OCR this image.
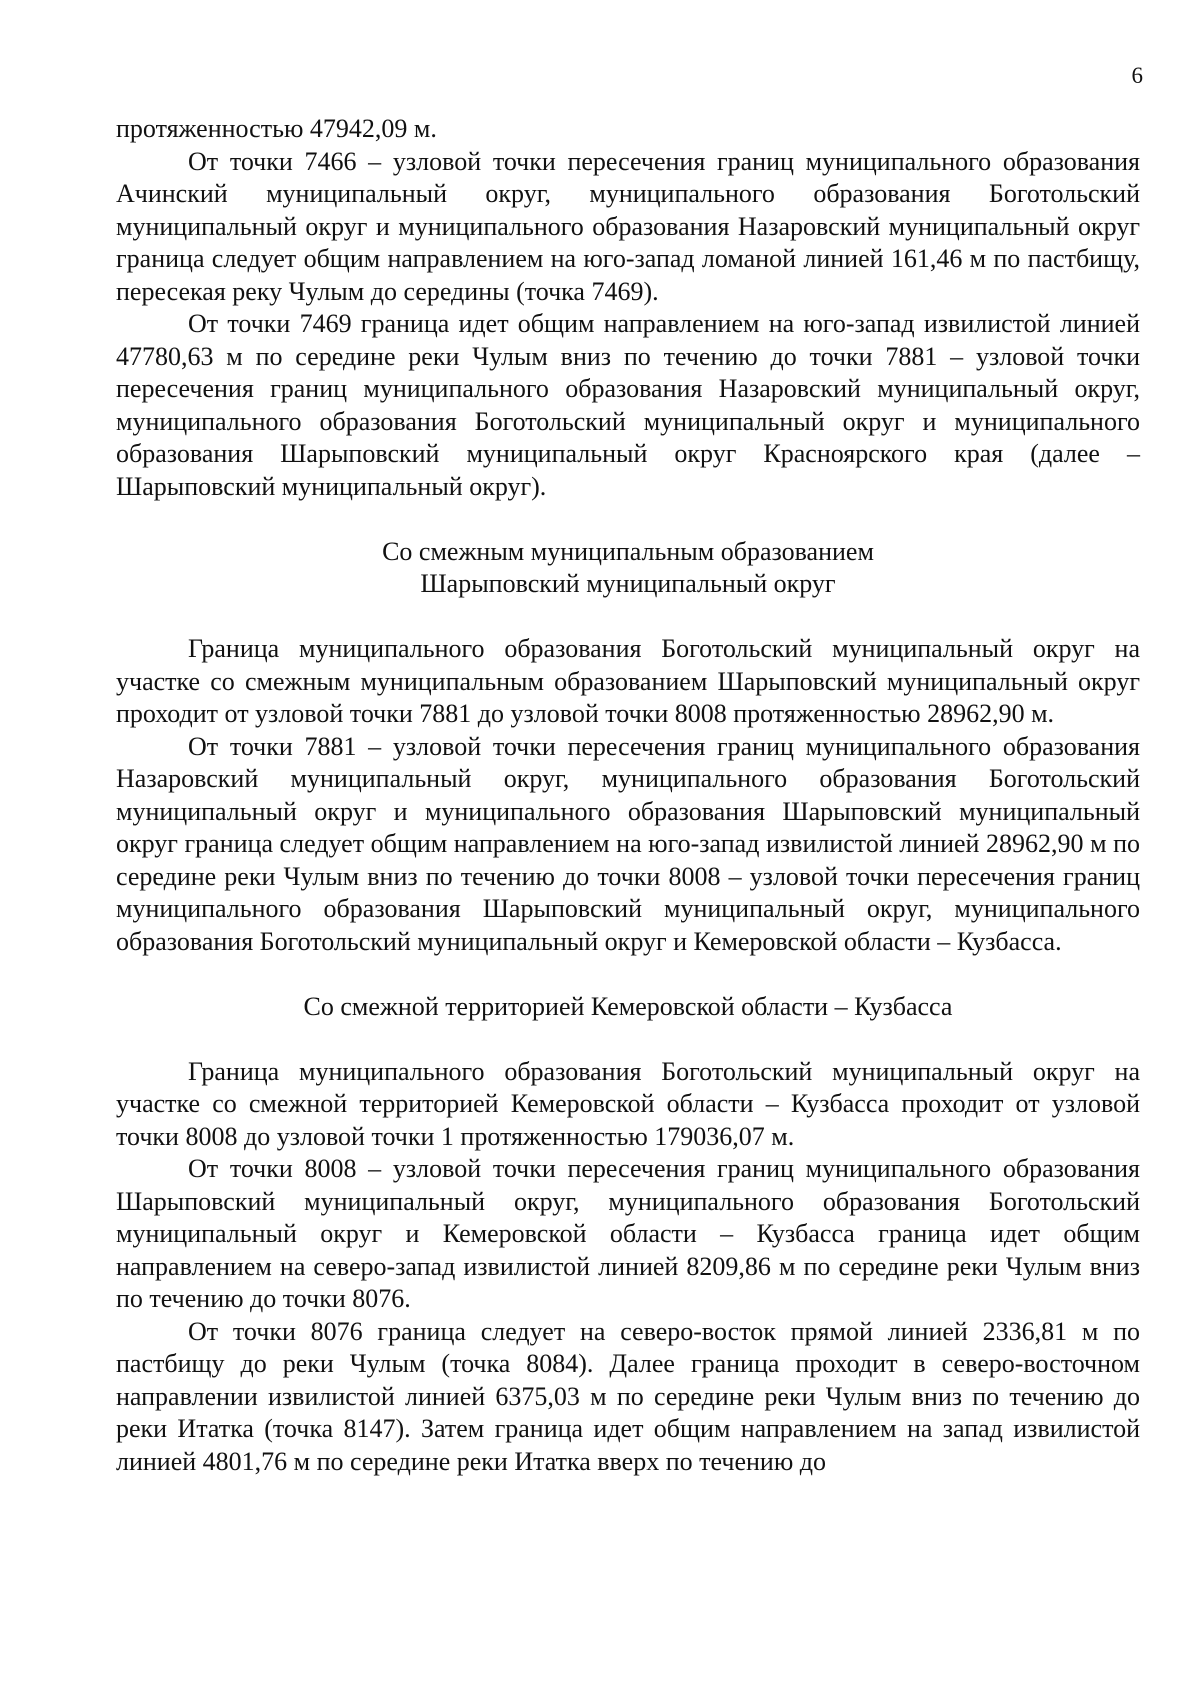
6

протяженностью 47942,09 м.

От точки 7466 – узловой точки пересечения границ муниципального образования Ачинский муниципальный округ, муниципального образования Боготольский муниципальный округ и муниципального образования Назаровский муниципальный округ граница следует общим направлением на юго-запад ломаной линией 161,46 м по пастбищу, пересекая реку Чулым до середины (точка 7469).

От точки 7469 граница идет общим направлением на юго-запад извилистой линией 47780,63 м по середине реки Чулым вниз по течению до точки 7881 – узловой точки пересечения границ муниципального образования Назаровский муниципальный округ, муниципального образования Боготольский муниципальный округ и муниципального образования Шарыповский муниципальный округ Красноярского края (далее – Шарыповский муниципальный округ).

Со смежным муниципальным образованием

Шарыповский муниципальный округ

Граница муниципального образования Боготольский муниципальный округ на участке со смежным муниципальным образованием Шарыповский муниципальный округ проходит от узловой точки 7881 до узловой точки 8008 протяженностью 28962,90 м.

От точки 7881 – узловой точки пересечения границ муниципального образования Назаровский муниципальный округ, муниципального образования Боготольский муниципальный округ и муниципального образования Шарыповский муниципальный округ граница следует общим направлением на юго-запад извилистой линией 28962,90 м по середине реки Чулым вниз по течению до точки 8008 – узловой точки пересечения границ муниципального образования Шарыповский муниципальный округ, муниципального образования Боготольский муниципальный округ и Кемеровской области – Кузбасса.

Со смежной территорией Кемеровской области – Кузбасса

Граница муниципального образования Боготольский муниципальный округ на участке со смежной территорией Кемеровской области – Кузбасса проходит от узловой точки 8008 до узловой точки 1 протяженностью 179036,07 м.

От точки 8008 – узловой точки пересечения границ муниципального образования Шарыповский муниципальный округ, муниципального образования Боготольский муниципальный округ и Кемеровской области – Кузбасса граница идет общим направлением на северо-запад извилистой линией 8209,86 м по середине реки Чулым вниз по течению до точки 8076.

От точки 8076 граница следует на северо-восток прямой линией 2336,81 м по пастбищу до реки Чулым (точка 8084). Далее граница проходит в северо-восточном направлении извилистой линией 6375,03 м по середине реки Чулым вниз по течению до реки Итатка (точка 8147). Затем граница идет общим направлением на запад извилистой линией 4801,76 м по середине реки Итатка вверх по течению до
